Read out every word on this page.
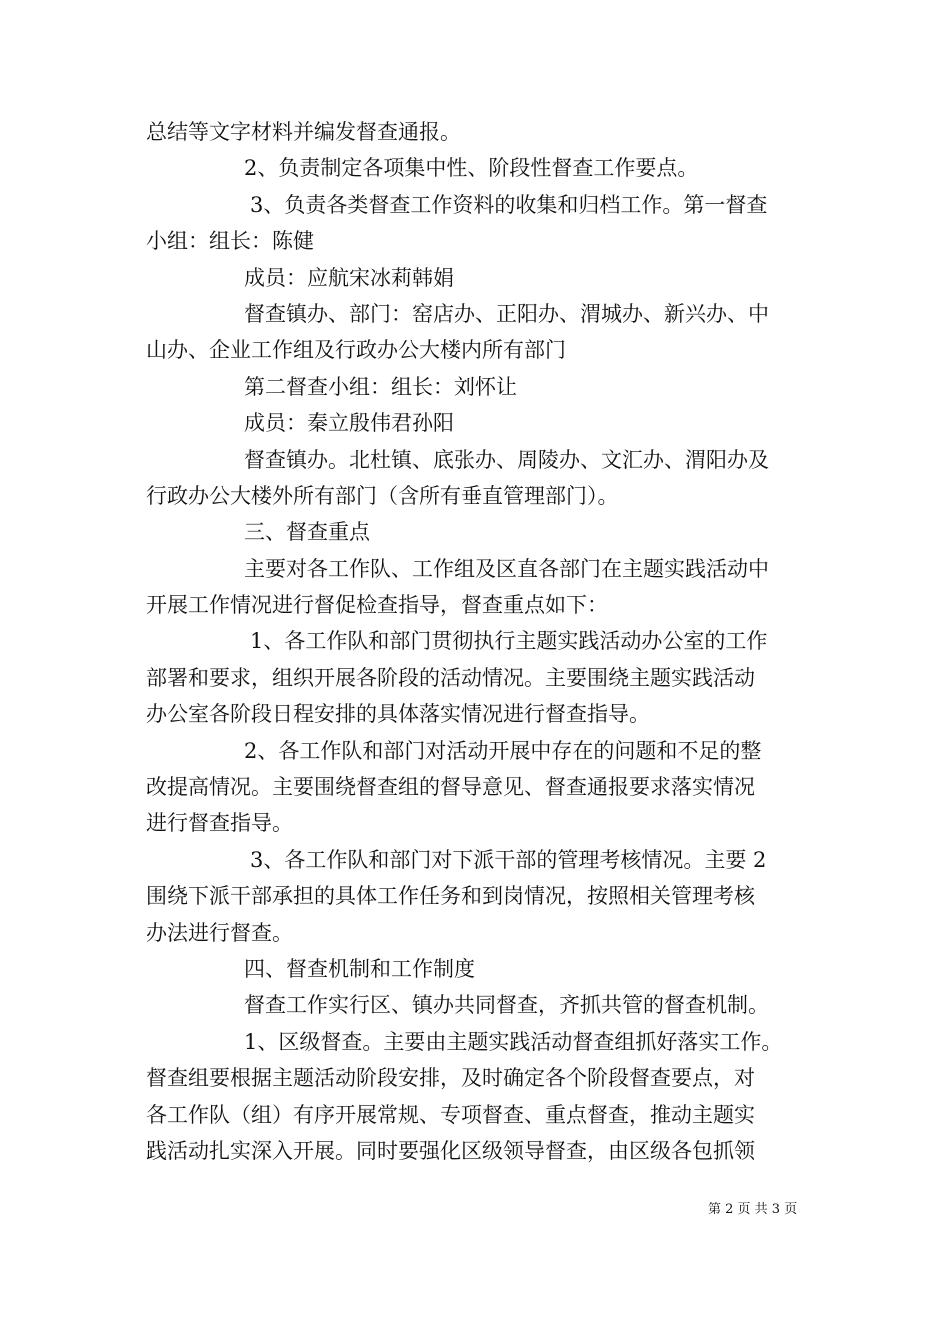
总结等文字材料并编发督查通报。
2、负责制定各项集中性、阶段性督查工作要点。
3、负责各类督查工作资料的收集和归档工作。第一督查
小组：组长：陈健
成员：应航宋冰莉韩娟
督查镇办、部门：窑店办、正阳办、渭城办、新兴办、中
山办、企业工作组及行政办公大楼内所有部门
第二督查小组：组长：刘怀让
成员：秦立殷伟君孙阳
督查镇办。北杜镇、底张办、周陵办、文汇办、渭阳办及
行政办公大楼外所有部门（含所有垂直管理部门）。
三、督查重点
主要对各工作队、工作组及区直各部门在主题实践活动中
开展工作情况进行督促检查指导，督查重点如下：
1、各工作队和部门贯彻执行主题实践活动办公室的工作
部署和要求，组织开展各阶段的活动情况。主要围绕主题实践活动
办公室各阶段日程安排的具体落实情况进行督查指导。
2、各工作队和部门对活动开展中存在的问题和不足的整
改提高情况。主要围绕督查组的督导意见、督查通报要求落实情况
进行督查指导。
3、各工作队和部门对下派干部的管理考核情况。主要 2
围绕下派干部承担的具体工作任务和到岗情况，按照相关管理考核
办法进行督查。
四、督查机制和工作制度
督查工作实行区、镇办共同督查，齐抓共管的督查机制。
1、区级督查。主要由主题实践活动督查组抓好落实工作。
督查组要根据主题活动阶段安排，及时确定各个阶段督查要点，对
各工作队（组）有序开展常规、专项督查、重点督查，推动主题实
践活动扎实深入开展。同时要强化区级领导督查，由区级各包抓领
第 2 页 共 3 页
